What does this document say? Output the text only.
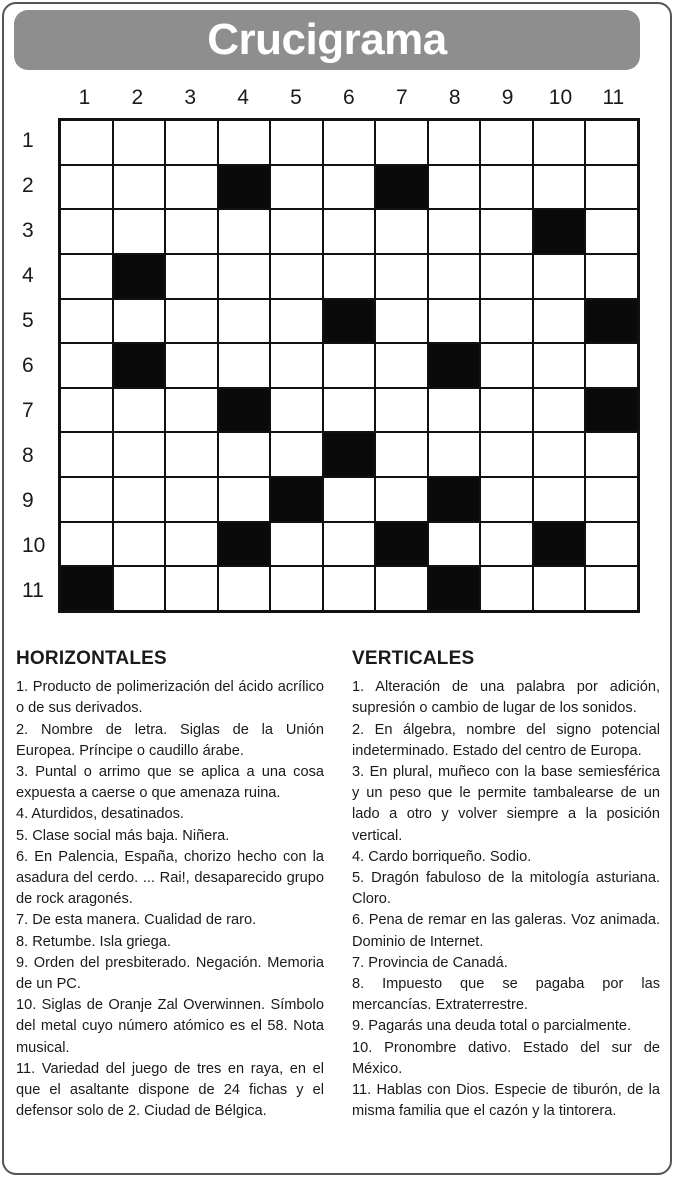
Crucigrama
1	2	3	4	5	6	7	8	9	10	11
1
2
3
4
5
6
7
8
9
10
11
HORIZONTALES

1. Producto de polimerización del ácido acrílico o de sus derivados.

2. Nombre de letra. Siglas de la Unión Europea. Príncipe o caudillo árabe.

3. Puntal o arrimo que se aplica a una cosa expuesta a caerse o que amenaza ruina.

4. Aturdidos, desatinados.

5. Clase social más baja. Niñera.

6. En Palencia, España, chorizo hecho con la asadura del cerdo. ... Rai!, desaparecido grupo de rock aragonés.

7. De esta manera. Cualidad de raro.

8. Retumbe. Isla griega.

9. Orden del presbiterado. Negación. Memoria de un PC.

10. Siglas de Oranje Zal Overwinnen. Símbolo del metal cuyo número atómico es el 58. Nota musical.

11. Variedad del juego de tres en raya, en el que el asaltante dispone de 24 fichas y el defensor solo de 2. Ciudad de Bélgica.

VERTICALES

1. Alteración de una palabra por adición, supresión o cambio de lugar de los sonidos.

2. En álgebra, nombre del signo potencial indeterminado. Estado del centro de Europa.

3. En plural, muñeco con la base semiesférica y un peso que le permite tambalearse de un lado a otro y volver siempre a la posición vertical.

4. Cardo borriqueño. Sodio.

5. Dragón fabuloso de la mitología asturiana. Cloro.

6. Pena de remar en las galeras. Voz animada. Dominio de Internet.

7. Provincia de Canadá.

8. Impuesto que se pagaba por las mercancías. Extraterrestre.

9. Pagarás una deuda total o parcialmente.

10. Pronombre dativo. Estado del sur de México.

11. Hablas con Dios. Especie de tiburón, de la misma familia que el cazón y la tintorera.
